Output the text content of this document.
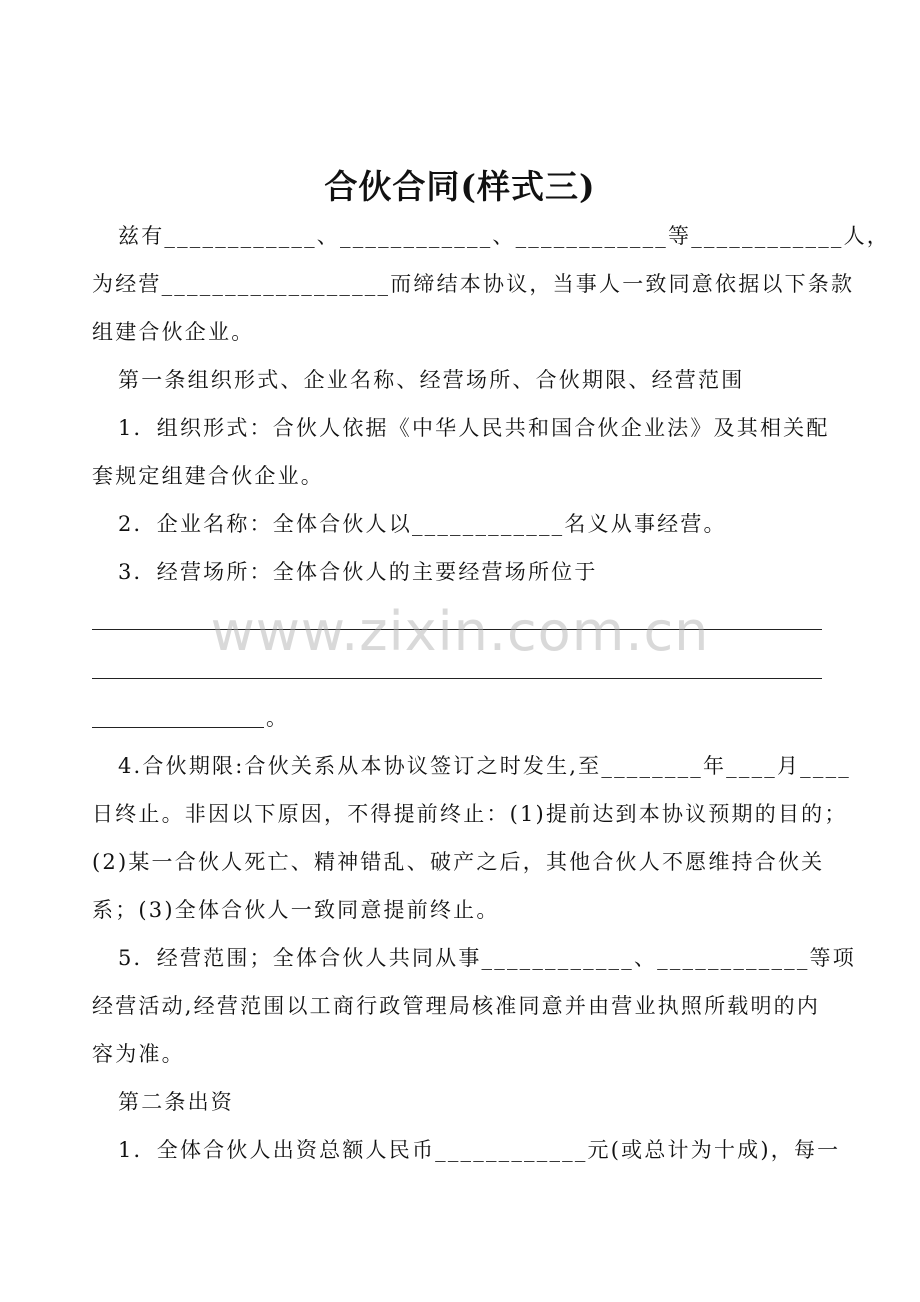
合伙合同(样式三)

兹有____________、____________、____________等____________人，

为经营__________________而缔结本协议，当事人一致同意依据以下条款

组建合伙企业。

第一条组织形式、企业名称、经营场所、合伙期限、经营范围

1．组织形式：合伙人依据《中华人民共和国合伙企业法》及其相关配

套规定组建合伙企业。

2．企业名称：全体合伙人以____________名义从事经营。

3．经营场所：全体合伙人的主要经营场所位于

。

4.合伙期限:合伙关系从本协议签订之时发生,至________年____月____

日终止。非因以下原因，不得提前终止：(1)提前达到本协议预期的目的；

(2)某一合伙人死亡、精神错乱、破产之后，其他合伙人不愿维持合伙关

系；(3)全体合伙人一致同意提前终止。

5．经营范围；全体合伙人共同从事____________、____________等项

经营活动,经营范围以工商行政管理局核准同意并由营业执照所载明的内

容为准。

第二条出资

1．全体合伙人出资总额人民币____________元(或总计为十成)，每一

www.zixin.com.cn
